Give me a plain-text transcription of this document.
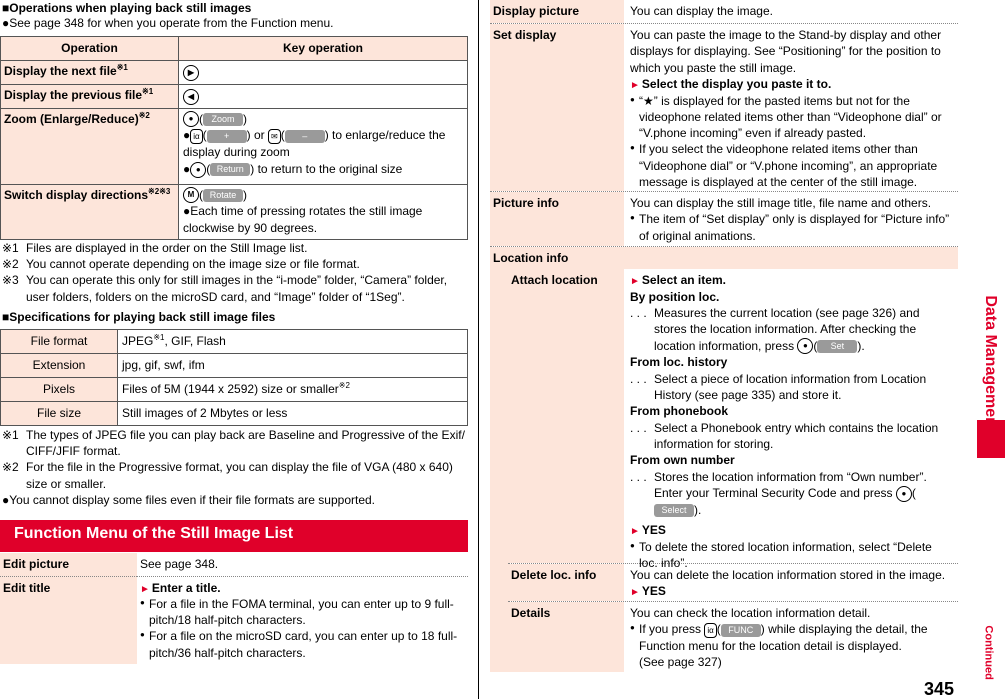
■Operations when playing back still images
●See page 348 for when you operate from the Function menu.
Operation	Key operation
Display the next file$^{※1}$	▶
Display the previous file$^{※1}$	◀
Zoom (Enlarge/Reduce)$^{※2}$	● ( Zoom )
● iα ( + ) or ✉ ( – ) to enlarge/reduce the display during zoom
● ● ( Return ) to return to the original size

Switch display directions$^{※2※3}$	M ( Rotate )
●Each time of pressing rotates the still image clockwise by 90 degrees.
※1 Files are displayed in the order on the Still Image list.
※2 You cannot operate depending on the image size or file format.
※3 You can operate this only for still images in the “i-mode” folder, “Camera” folder, user folders, folders on the microSD card, and “Image” folder of “1Seg”.
■Specifications for playing back still image files
File format	JPEG$^{※1}$, GIF, Flash
Extension	jpg, gif, swf, ifm
Pixels	Files of 5M (1944 x 2592) size or smaller$^{※2}$
File size	Still images of 2 Mbytes or less
※1 The types of JPEG file you can play back are Baseline and Progressive of the Exif/ CIFF/JFIF format.
※2 For the file in the Progressive format, you can display the file of VGA (480 x 640) size or smaller.
●You cannot display some files even if their file formats are supported.
Function Menu of the Still Image List
Edit picture	See page 348.
Edit title	► Enter a title.
● For a file in the FOMA terminal, you can enter up to 9 full-pitch/18 half-pitch characters.
● For a file on the microSD card, you can enter up to 18 full-pitch/36 half-pitch characters.
Display picture	You can display the image.
Set display	You can paste the image to the Stand-by display and other displays for displaying. See “Positioning” for the position to which you paste the still image.
► Select the display you paste it to.
● “★” is displayed for the pasted items but not for the videophone related items other than “Videophone dial” or “V.phone incoming” even if already pasted.
● If you select the videophone related items other than “Videophone dial” or “V.phone incoming”, an appropriate message is displayed at the center of the still image.
Picture info	You can display the still image title, file name and others.
● The item of “Set display” only is displayed for “Picture info” of original animations.
Location info
Attach location	► Select an item.
By position loc.
. . . Measures the current location (see page 326) and stores the location information. After checking the location information, press ● ( Set ).
From loc. history
. . . Select a piece of location information from Location History (see page 335) and store it.
From phonebook
. . . Select a Phonebook entry which contains the location information for storing.
From own number
. . . Stores the location information from “Own number”. Enter your Terminal Security Code and press ● (Select ).
► YES
● To delete the stored location information, select “Delete loc. info”.
Delete loc. info	You can delete the location information stored in the image.
► YES
Details	You can check the location information detail.
● If you press iα ( FUNC ) while displaying the detail, the Function menu for the location detail is displayed.
(See page 327)
Data Management
Continued
345
